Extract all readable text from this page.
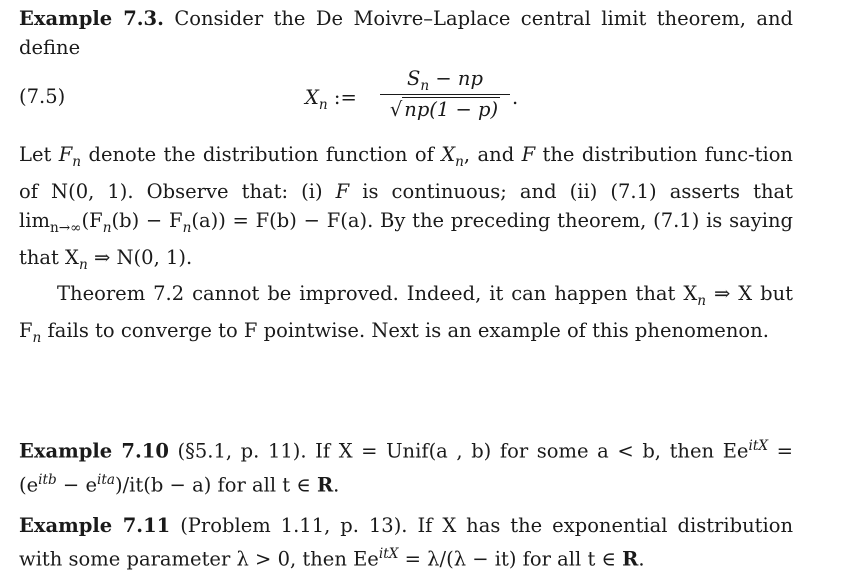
Example 7.3. Consider the De Moivre–Laplace central limit theorem, and define

(7.5)	$X_n$ := $\frac{S_n - np}{√ np(1 - p)}$ .

Let $F_n$ denote the distribution function of $X_n$, and F the distribution func-tion of N(0, 1). Observe that: (i) F is continuous; and (ii) (7.1) asserts that $\lim_{n\to\infty}(F_n(b) - F_n(a)) = F(b) - F(a)$. By the preceding theorem, (7.1) is saying that $X_n$ ⇒ N(0, 1).

Theorem 7.2 cannot be improved. Indeed, it can happen that $X_n$ ⇒ X but $F_n$ fails to converge to F pointwise. Next is an example of this phenomenon.

Example 7.10 (§5.1, p. 11). If X = Unif(a , b) for some a < b, then $Ee^{itX} = (e^{itb} - e^{ita})/it(b - a)$ for all t ∈ R.

Example 7.11 (Problem 1.11, p. 13). If X has the exponential distribution with some parameter λ > 0, then $Ee^{itX} = \lambda/(\lambda - it)$ for all t ∈ R.
